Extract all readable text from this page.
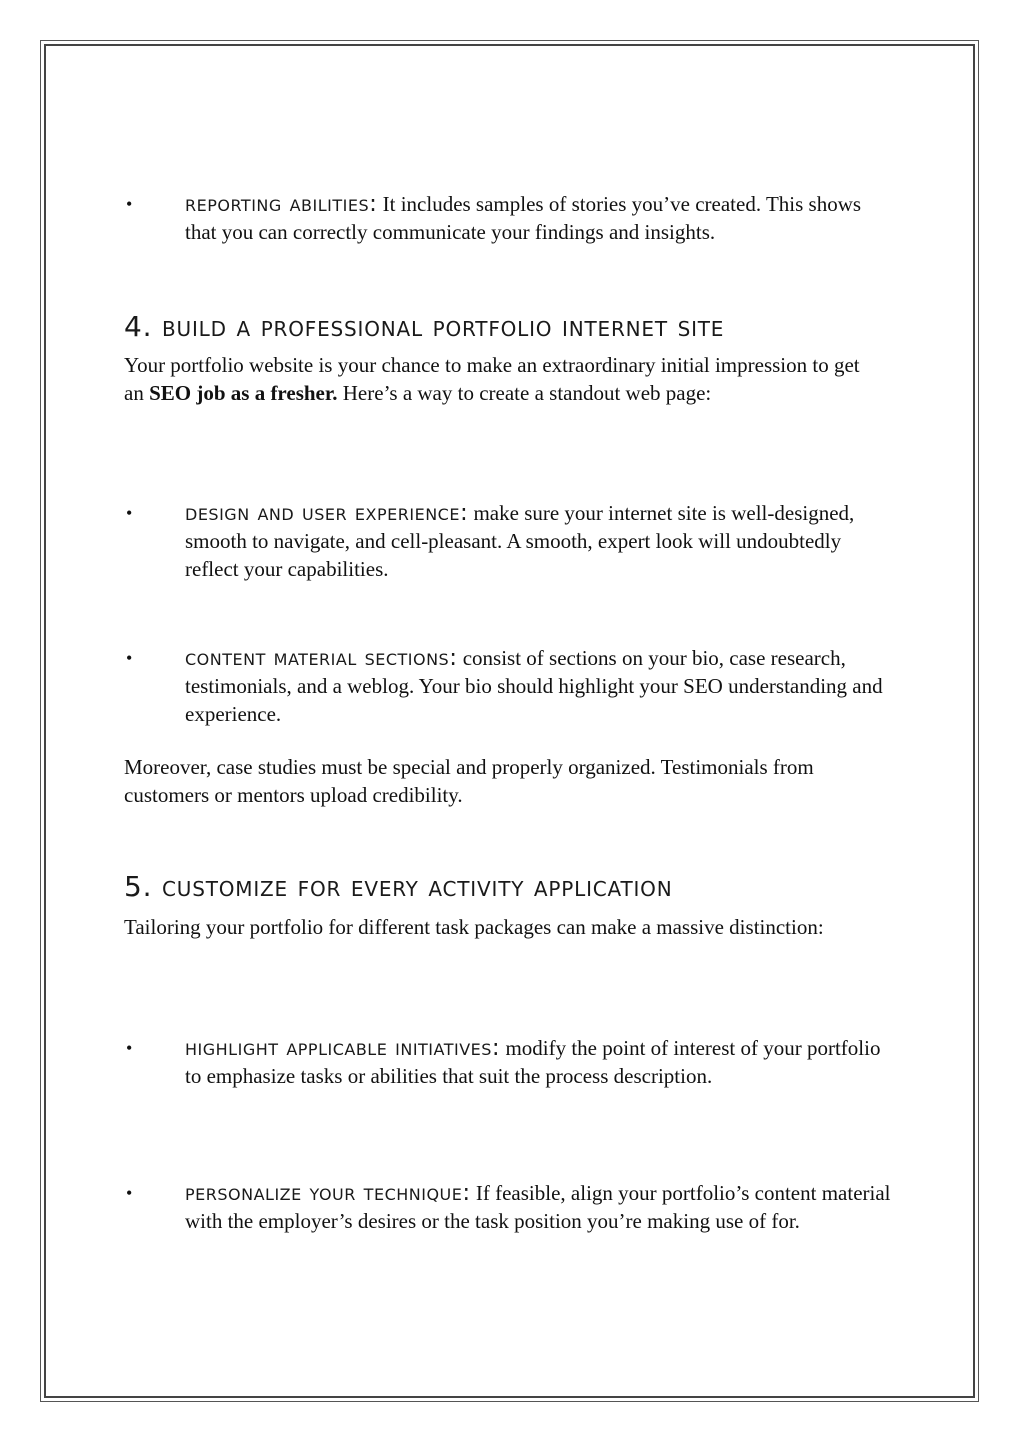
•	reporting abilities: It includes samples of stories you’ve created. This shows that you can correctly communicate your findings and insights.
4. build a professional portfolio internet site

Your portfolio website is your chance to make an extraordinary initial impression to get an SEO job as a fresher. Here’s a way to create a standout web page:

•	design and user experience: make sure your internet site is well-designed, smooth to navigate, and cell-pleasant. A smooth, expert look will undoubtedly reflect your capabilities.
•	content material sections: consist of sections on your bio, case research, testimonials, and a weblog. Your bio should highlight your SEO understanding and experience.

Moreover, case studies must be special and properly organized. Testimonials from customers or mentors upload credibility.

5. customize for every activity application

Tailoring your portfolio for different task packages can make a massive distinction:

•	highlight applicable initiatives: modify the point of interest of your portfolio to emphasize tasks or abilities that suit the process description.
•	personalize your technique: If feasible, align your portfolio’s content material with the employer’s desires or the task position you’re making use of for.
